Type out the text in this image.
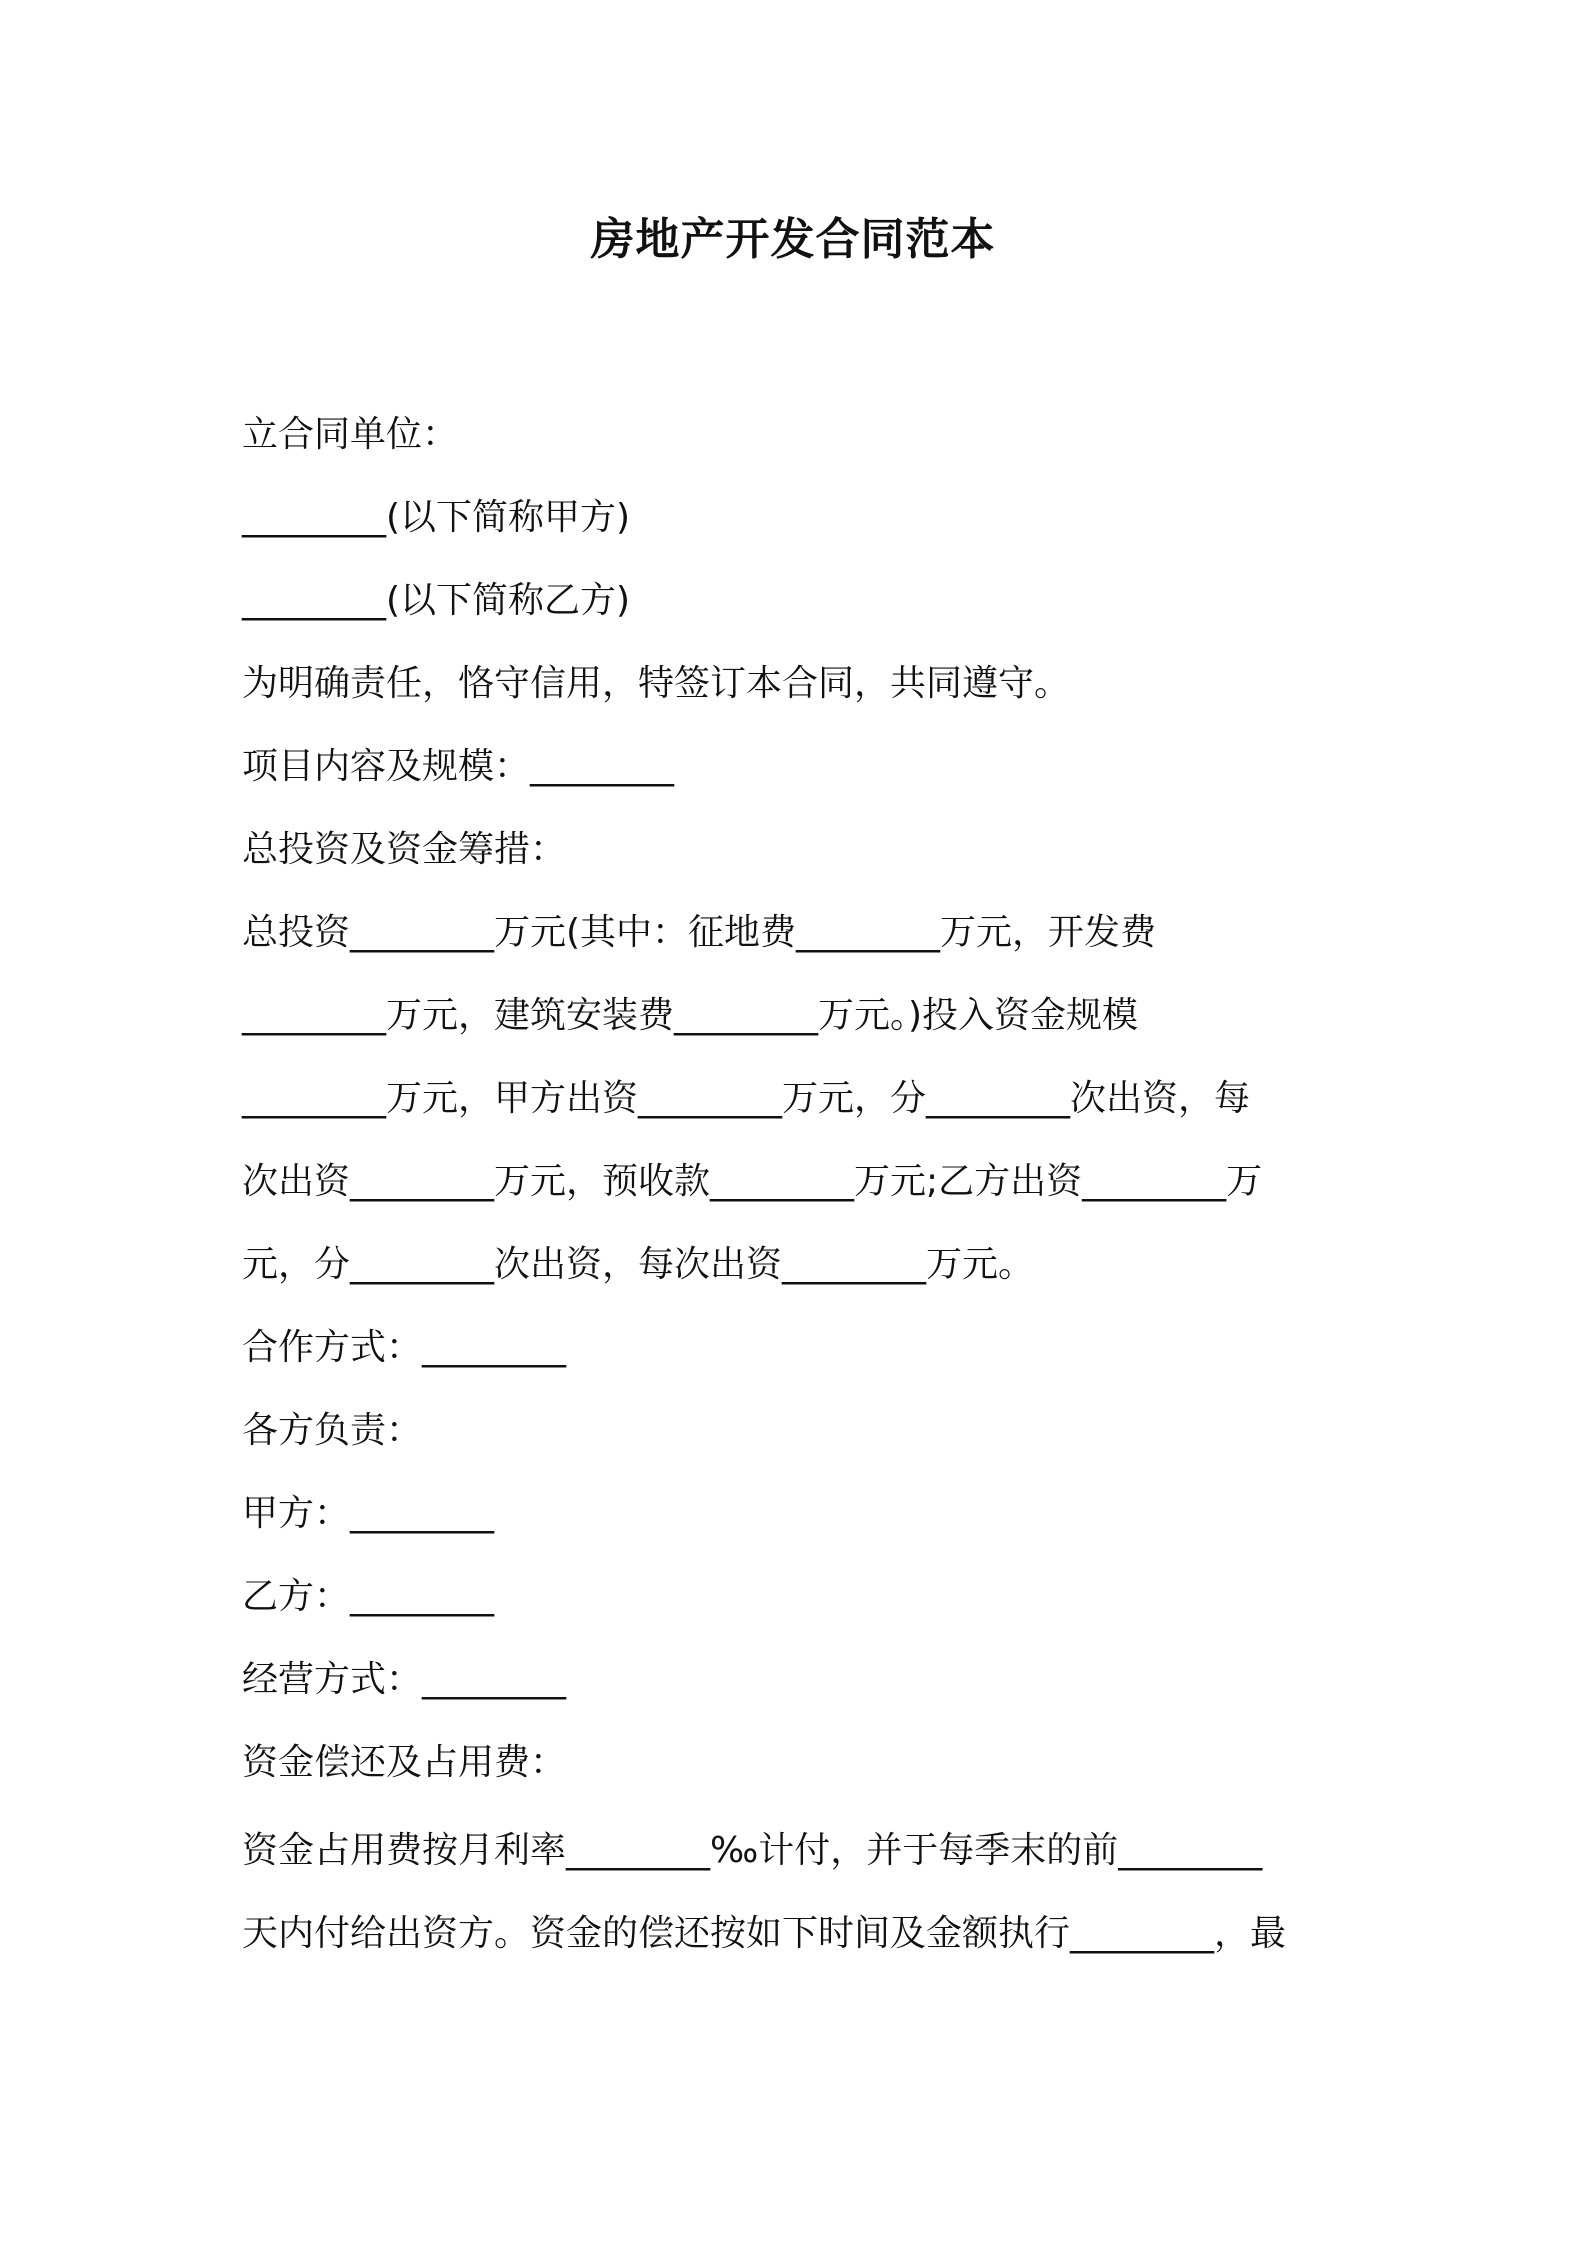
房地产开发合同范本
立合同单位：
________(以下简称甲方)
________(以下简称乙方)
为明确责任，恪守信用，特签订本合同，共同遵守。
项目内容及规模：________
总投资及资金筹措：
总投资________万元(其中：征地费________万元，开发费
________万元，建筑安装费________万元。)投入资金规模
________万元，甲方出资________万元，分________次出资，每
次出资________万元，预收款________万元;乙方出资________万
元，分________次出资，每次出资________万元。
合作方式：________
各方负责：
甲方：________
乙方：________
经营方式：________
资金偿还及占用费：
资金占用费按月利率________‰计付，并于每季末的前________
天内付给出资方。资金的偿还按如下时间及金额执行________，最
